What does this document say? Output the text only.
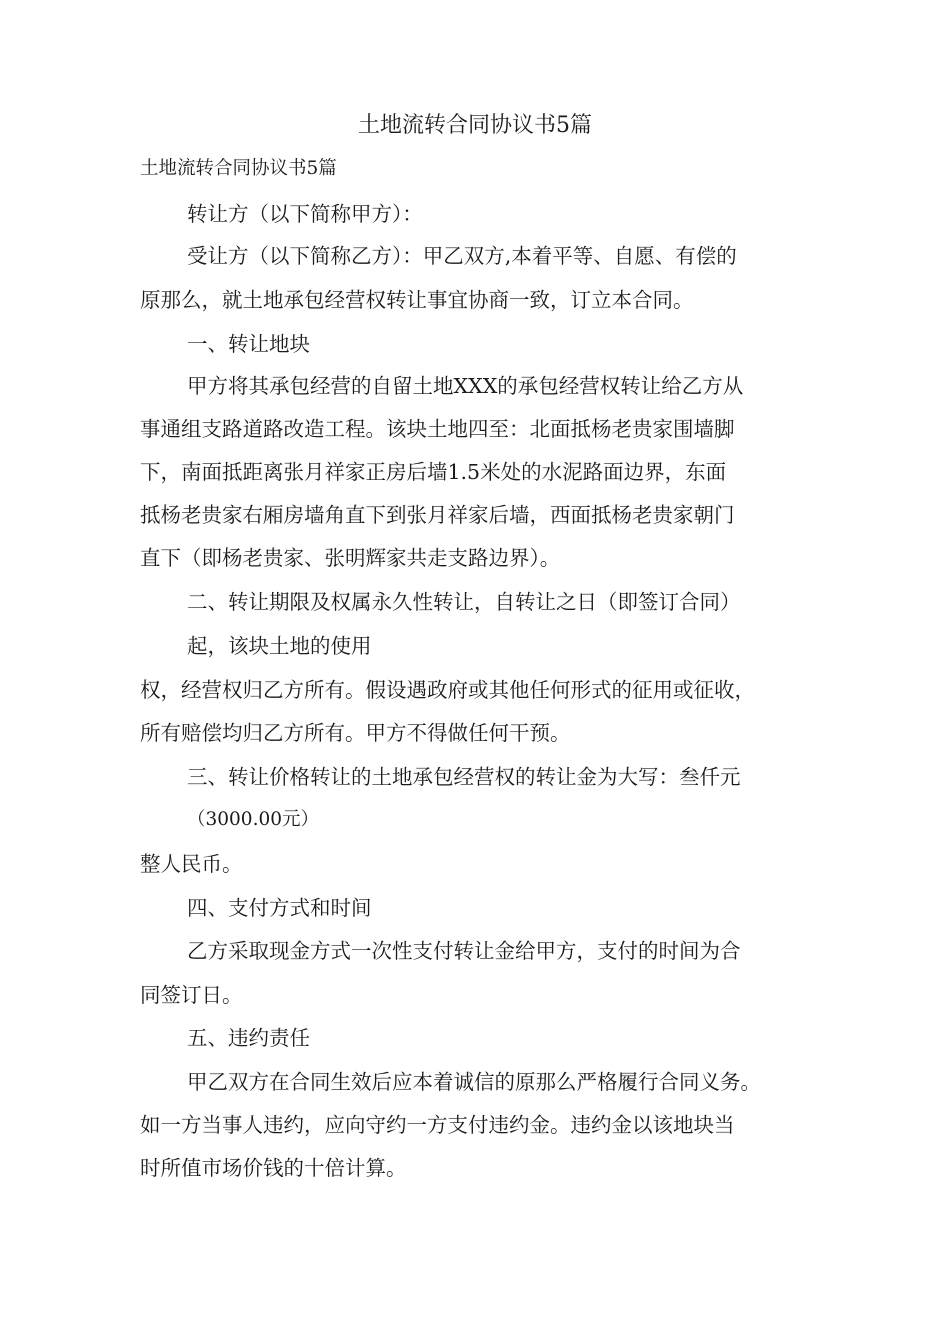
土地流转合同协议书5篇
土地流转合同协议书5篇
转让方（以下简称甲方）：
受让方（以下简称乙方）：甲乙双方,本着平等、自愿、有偿的
原那么，就土地承包经营权转让事宜协商一致，订立本合同。
一、转让地块
甲方将其承包经营的自留土地XXX的承包经营权转让给乙方从
事通组支路道路改造工程。该块土地四至：北面抵杨老贵家围墙脚
下，南面抵距离张月祥家正房后墙1.5米处的水泥路面边界，东面
抵杨老贵家右厢房墙角直下到张月祥家后墙，西面抵杨老贵家朝门
直下（即杨老贵家、张明辉家共走支路边界）。
二、转让期限及权属永久性转让，自转让之日（即签订合同）
起，该块土地的使用
权，经营权归乙方所有。假设遇政府或其他任何形式的征用或征收，
所有赔偿均归乙方所有。甲方不得做任何干预。
三、转让价格转让的土地承包经营权的转让金为大写：叁仟元
（3000.00元）
整人民币。
四、支付方式和时间
乙方采取现金方式一次性支付转让金给甲方，支付的时间为合
同签订日。
五、违约责任
甲乙双方在合同生效后应本着诚信的原那么严格履行合同义务。
如一方当事人违约，应向守约一方支付违约金。违约金以该地块当
时所值市场价钱的十倍计算。
